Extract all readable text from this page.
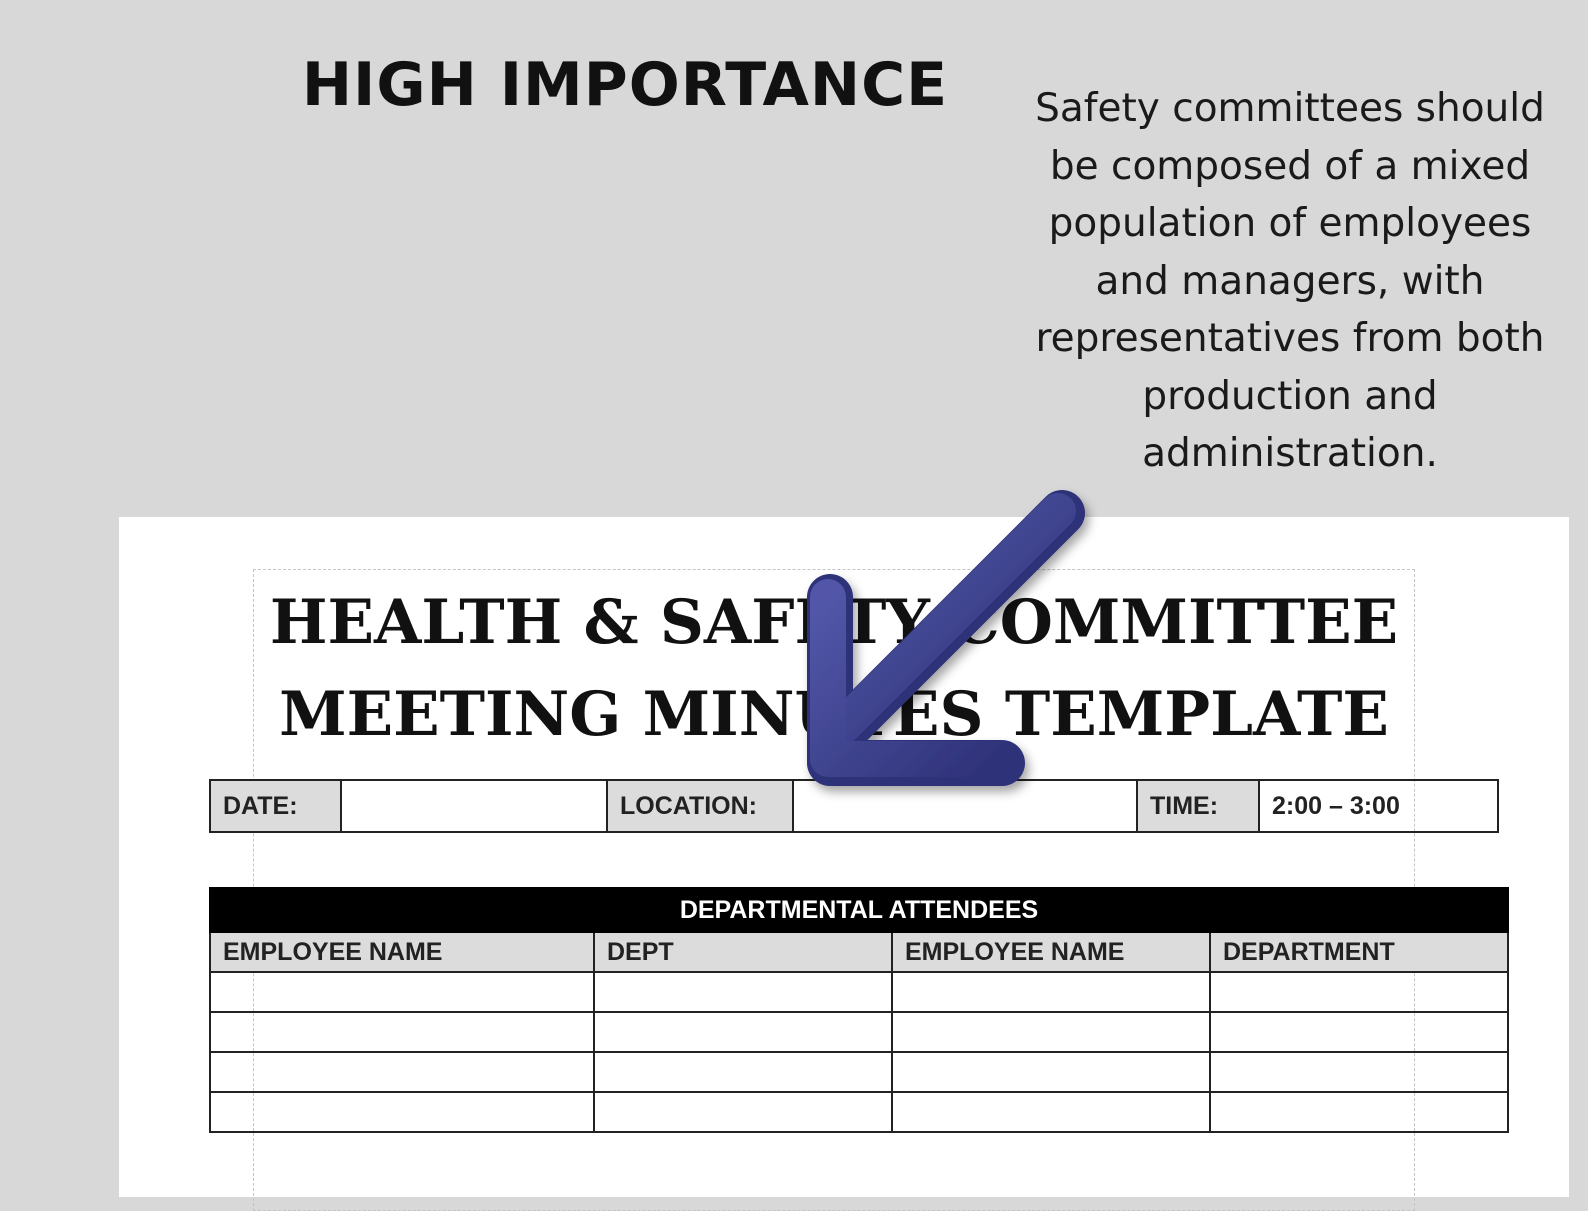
HIGH IMPORTANCE	Safety committees should be composed of a mixed population of employees and managers, with representatives from both production and administration.
HEALTH & SAFETY COMMITTEE
MEETING MINUTES TEMPLATE
DATE:		LOCATION:		TIME:	2:00 – 3:00
DEPARTMENTAL ATTENDEES			
EMPLOYEE NAME	DEPT	EMPLOYEE NAME	DEPARTMENT
